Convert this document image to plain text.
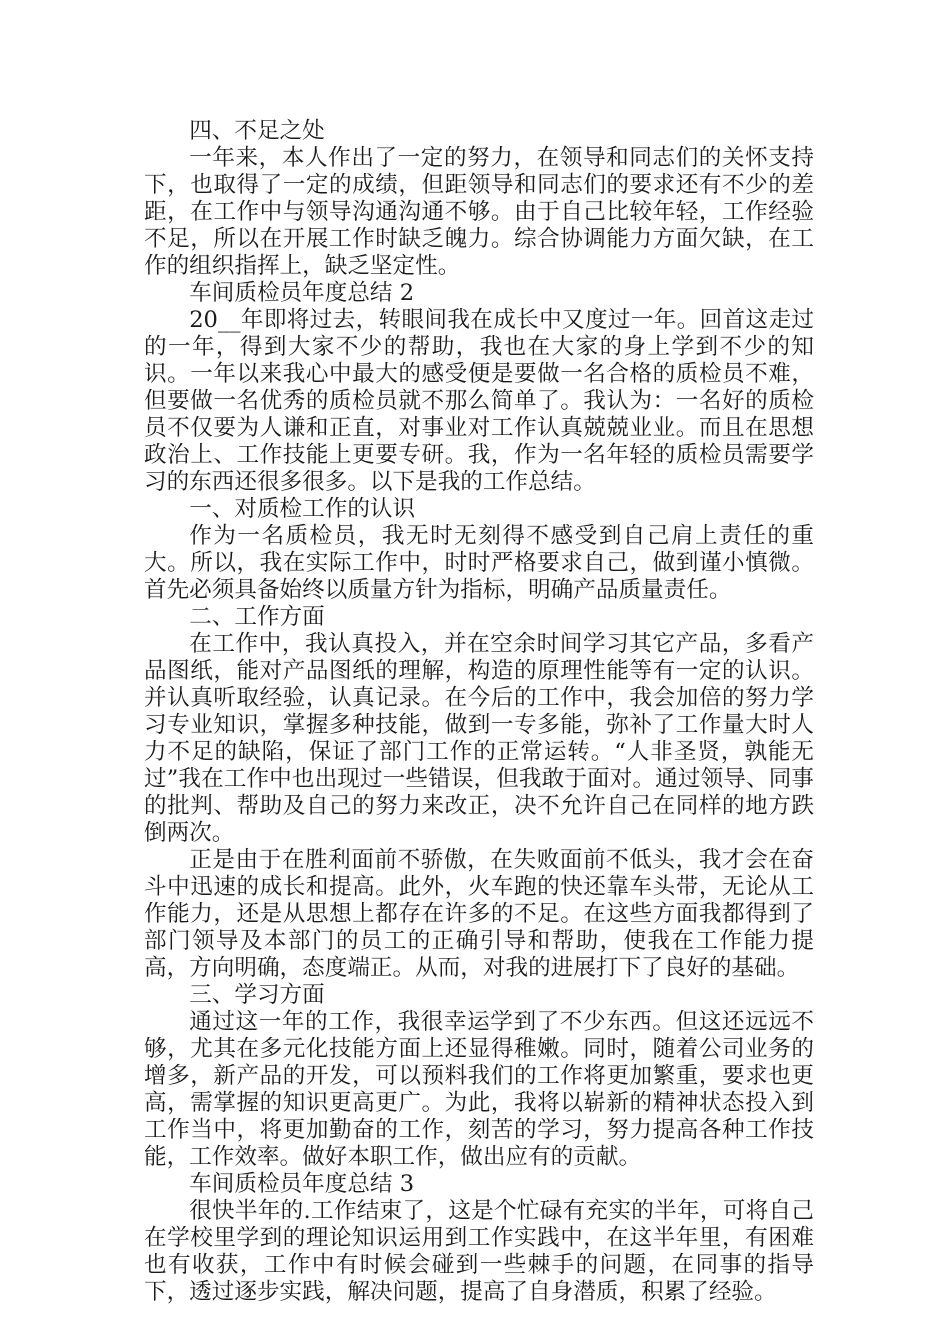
四、不足之处

一年来，本人作出了一定的努力，在领导和同志们的关怀支持下，也取得了一定的成绩，但距领导和同志们的要求还有不少的差距，在工作中与领导沟通沟通不够。由于自己比较年轻，工作经验不足，所以在开展工作时缺乏魄力。综合协调能力方面欠缺，在工作的组织指挥上，缺乏坚定性。

车间质检员年度总结 2

20__年即将过去，转眼间我在成长中又度过一年。回首这走过的一年，得到大家不少的帮助，我也在大家的身上学到不少的知识。一年以来我心中最大的感受便是要做一名合格的质检员不难，但要做一名优秀的质检员就不那么简单了。我认为：一名好的质检员不仅要为人谦和正直，对事业对工作认真兢兢业业。而且在思想政治上、工作技能上更要专研。我，作为一名年轻的质检员需要学习的东西还很多很多。以下是我的工作总结。

一、对质检工作的认识

作为一名质检员，我无时无刻得不感受到自己肩上责任的重大。所以，我在实际工作中，时时严格要求自己，做到谨小慎微。首先必须具备始终以质量方针为指标，明确产品质量责任。

二、工作方面

在工作中，我认真投入，并在空余时间学习其它产品，多看产品图纸，能对产品图纸的理解，构造的原理性能等有一定的认识。并认真听取经验，认真记录。在今后的工作中，我会加倍的努力学习专业知识，掌握多种技能，做到一专多能，弥补了工作量大时人力不足的缺陷，保证了部门工作的正常运转。“人非圣贤，孰能无过”我在工作中也出现过一些错误，但我敢于面对。通过领导、同事的批判、帮助及自己的努力来改正，决不允许自己在同样的地方跌倒两次。

正是由于在胜利面前不骄傲，在失败面前不低头，我才会在奋斗中迅速的成长和提高。此外，火车跑的快还靠车头带，无论从工作能力，还是从思想上都存在许多的不足。在这些方面我都得到了部门领导及本部门的员工的正确引导和帮助，使我在工作能力提高，方向明确，态度端正。从而，对我的进展打下了良好的基础。

三、学习方面

通过这一年的工作，我很幸运学到了不少东西。但这还远远不够，尤其在多元化技能方面上还显得稚嫩。同时，随着公司业务的增多，新产品的开发，可以预料我们的工作将更加繁重，要求也更高，需掌握的知识更高更广。为此，我将以崭新的精神状态投入到工作当中，将更加勤奋的工作，刻苦的学习，努力提高各种工作技能，工作效率。做好本职工作，做出应有的贡献。

车间质检员年度总结 3

很快半年的.工作结束了，这是个忙碌有充实的半年，可将自己在学校里学到的理论知识运用到工作实践中，在这半年里，有困难也有收获，工作中有时候会碰到一些棘手的问题，在同事的指导下，透过逐步实践，解决问题，提高了自身潜质，积累了经验。
